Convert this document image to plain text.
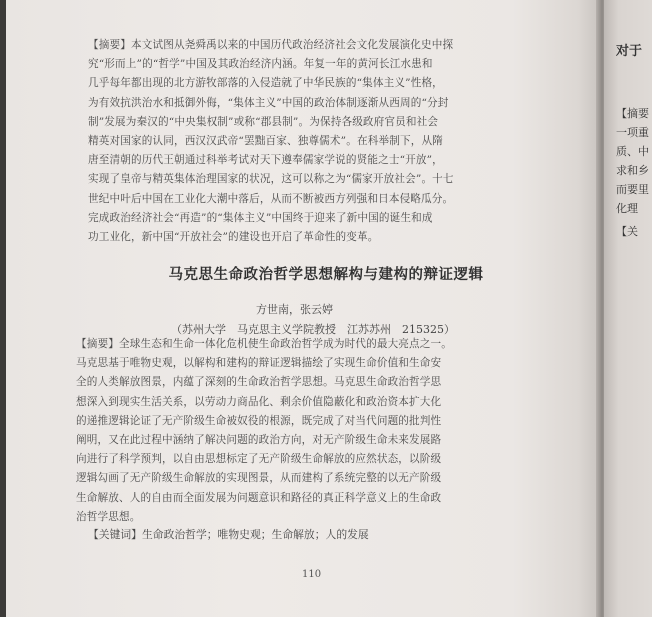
【摘要】本文试图从尧舜禹以来的中国历代政治经济社会文化发展演化史中探
究“形而上”的“哲学”中国及其政治经济内涵。年复一年的黄河长江水患和
几乎每年都出现的北方游牧部落的入侵造就了中华民族的“集体主义”性格，
为有效抗洪治水和抵御外侮，“集体主义”中国的政治体制逐渐从西周的“分封
制”发展为秦汉的“中央集权制”或称“郡县制”。为保持各级政府官员和社会
精英对国家的认同，西汉汉武帝“罢黜百家、独尊儒术”。在科举制下，从隋
唐至清朝的历代王朝通过科举考试对天下遵奉儒家学说的贤能之士“开放”，
实现了皇帝与精英集体治理国家的状况，这可以称之为“儒家开放社会”。十七
世纪中叶后中国在工业化大潮中落后，从而不断被西方列强和日本侵略瓜分。
完成政治经济社会“再造”的“集体主义”中国终于迎来了新中国的诞生和成
功工业化，新中国“开放社会”的建设也开启了革命性的变革。
马克思生命政治哲学思想解构与建构的辩证逻辑
方世南，张云婷
（苏州大学　马克思主义学院教授　江苏苏州　215325）
【摘要】全球生态和生命一体化危机使生命政治哲学成为时代的最大亮点之一。
马克思基于唯物史观，以解构和建构的辩证逻辑描绘了实现生命价值和生命安
全的人类解放图景，内蕴了深刻的生命政治哲学思想。马克思生命政治哲学思
想深入到现实生活关系，以劳动力商品化、剩余价值隐蔽化和政治资本扩大化
的递推逻辑论证了无产阶级生命被奴役的根源，既完成了对当代问题的批判性
阐明，又在此过程中涵纳了解决问题的政治方向，对无产阶级生命未来发展路
向进行了科学预判，以自由思想标定了无产阶级生命解放的应然状态，以阶级
逻辑勾画了无产阶级生命解放的实现图景，从而建构了系统完整的以无产阶级
生命解放、人的自由而全面发展为问题意识和路径的真正科学意义上的生命政
治哲学思想。
【关键词】生命政治哲学；唯物史观；生命解放；人的发展
110
对于
【摘要
一项重
质、中
求和乡
而要里
化理
【关
